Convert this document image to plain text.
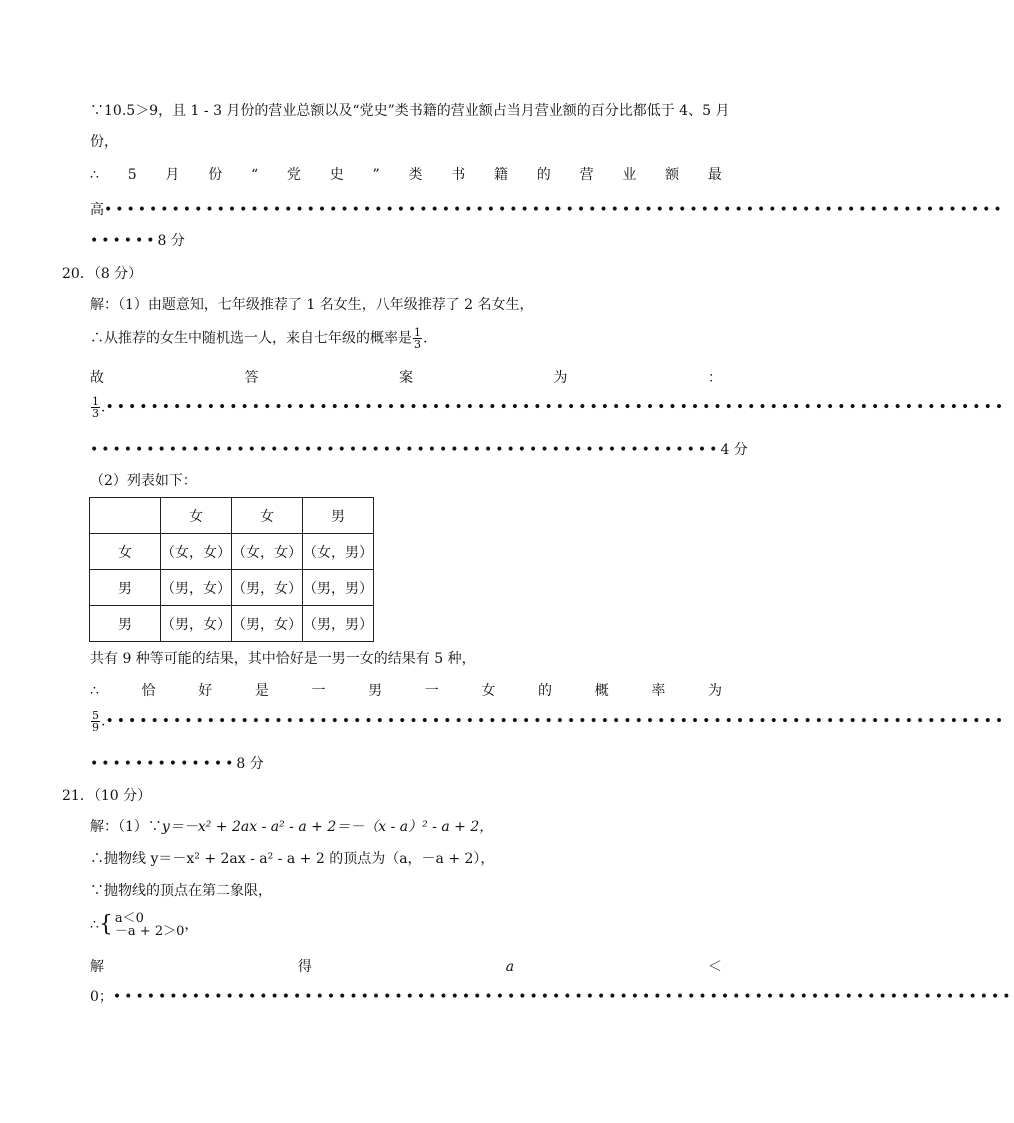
∵10.5＞9，且 1 - 3 月份的营业总额以及“党史”类书籍的营业额占当月营业额的百分比都低于 4、5 月
份，
∴ 5 月 份 “ 党 史 ” 类 书 籍 的 营 业 额 最
高••••••••••••••••••••••••••••••••••••••••••••••••••••••••••••••••••••••••••••••••
••••••8 分
20．（8 分）
解：（1）由题意知，七年级推荐了 1 名女生，八年级推荐了 2 名女生，
∴从推荐的女生中随机选一人，来自七年级的概率是 $\frac{1}{3}$ .
故	答	案	为	：
$\frac{1}{3}$ .••••••••••••••••••••••••••••••••••••••••••••••••••••••••••••••••••••••••••••••••
••••••••••••••••••••••••••••••••••••••••••••••••••••••••4 分
（2）列表如下：
	女	女	男
女	（女，女）	（女，女）	（女，男）
男	（男，女）	（男，女）	（男，男）
男	（男，女）	（男，女）	（男，男）
共有 9 种等可能的结果，其中恰好是一男一女的结果有 5 种，
∴	恰	好	是	一	男	一	女	的	概	率	为
$\frac{5}{9}$ .••••••••••••••••••••••••••••••••••••••••••••••••••••••••••••••••••••••••••••••••
•••••••••••••8 分
21．（10 分）
解：（1）∵y＝－x² + 2ax - a² - a + 2＝－（x - a）² - a + 2，
∴抛物线 y＝－x² + 2ax - a² - a + 2 的顶点为（a，－a + 2），
∵抛物线的顶点在第二象限，
∴{ a＜0
－a + 2＞0 ，
解	得	a	＜
0；••••••••••••••••••••••••••••••••••••••••••••••••••••••••••••••••••••••••••••••••
